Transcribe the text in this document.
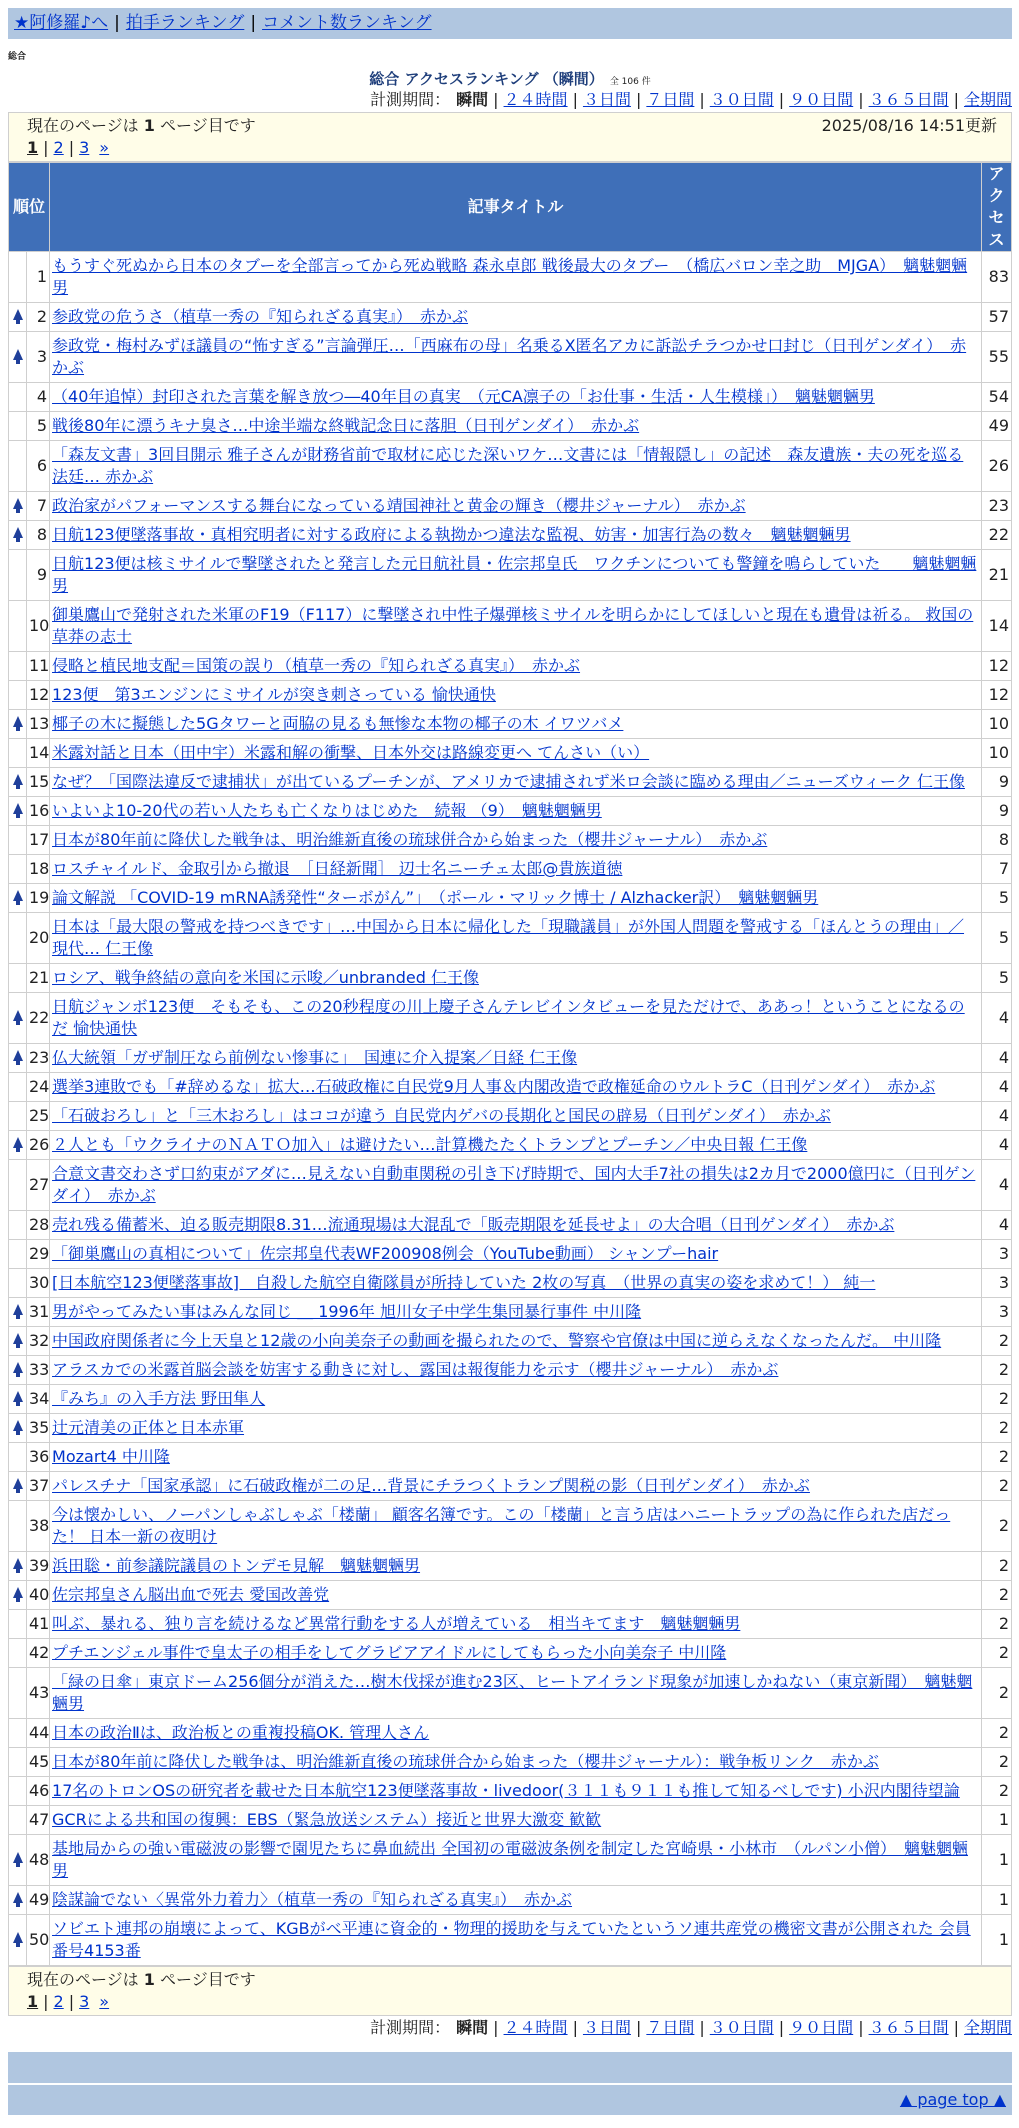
★阿修羅♪へ | 拍手ランキング | コメント数ランキング
総合
総合 アクセスランキング （瞬間） 全 106 件
計測期間： 瞬間 | ２４時間 | ３日間 | ７日間 | ３０日間 | ９０日間 | ３６５日間 | 全期間
現在のページは 1 ページ目です	2025/08/16 14:51更新
1 | 2 | 3 »
順位		記事タイトル	アクセス
	1	もうすぐ死ぬから日本のタブーを全部言ってから死ぬ戦略 森永卓郎 戦後最大のタブー　（橋広バロン幸之助　MJGA）　魑魅魍魎男	83
	2	参政党の危うさ（植草一秀の『知られざる真実』）　赤かぶ	57
	3	参政党・梅村みずほ議員の“怖すぎる”言論弾圧…「西麻布の母」名乗るX匿名アカに訴訟チラつかせ口封じ（日刊ゲンダイ）　赤かぶ	55
	4	（40年追悼）封印された言葉を解き放つ―40年目の真実　（元CA凛子の「お仕事・生活・人生模様」）　魑魅魍魎男	54
	5	戦後80年に漂うキナ臭さ…中途半端な終戦記念日に落胆（日刊ゲンダイ）　赤かぶ	49
	6	「森友文書」3回目開示 雅子さんが財務省前で取材に応じた深いワケ…文書には「情報隠し」の記述　森友遺族・夫の死を巡る法廷… 赤かぶ	26
	7	政治家がパフォーマンスする舞台になっている靖国神社と黄金の輝き（櫻井ジャーナル）　赤かぶ	23
	8	日航123便墜落事故・真相究明者に対する政府による執拗かつ違法な監視、妨害・加害行為の数々　魑魅魍魎男	22
	9	日航123便は核ミサイルで撃墜されたと発言した元日航社員・佐宗邦皇氏　ワクチンについても警鐘を鳴らしていた　　魑魅魍魎男	21
	10	御巣鷹山で発射された米軍のF19（F117）に撃墜され中性子爆弾核ミサイルを明らかにしてほしいと現在も遺骨は祈る。 救国の草莽の志士	14
	11	侵略と植民地支配＝国策の誤り（植草一秀の『知られざる真実』）　赤かぶ	12
	12	123便　第3エンジンにミサイルが突き刺さっている 愉快通快	12
	13	椰子の木に擬態した5Gタワーと両脇の見るも無惨な本物の椰子の木 イワツバメ	10
	14	米露対話と日本（田中宇）米露和解の衝撃、日本外交は路線変更へ てんさい（い）	10
	15	なぜ？「国際法違反で逮捕状」が出ているプーチンが、アメリカで逮捕されず米ロ会談に臨める理由／ニューズウィーク 仁王像	9
	16	いよいよ10-20代の若い人たちも亡くなりはじめた　続報 （9）　魑魅魍魎男	9
	17	日本が80年前に降伏した戦争は、明治維新直後の琉球併合から始まった（櫻井ジャーナル）　赤かぶ	8
	18	ロスチャイルド、金取引から撤退　［日経新聞］ 辺士名ニーチェ太郎@貴族道徳	7
	19	論文解説 「COVID-19 mRNA誘発性“ターボがん”」　（ポール・マリック博士 / Alzhacker訳）　魑魅魍魎男	5
	20	日本は「最大限の警戒を持つべきです」…中国から日本に帰化した「現職議員」が外国人問題を警戒する「ほんとうの理由」／現代… 仁王像	5
	21	ロシア、戦争終結の意向を米国に示唆／unbranded 仁王像	5
	22	日航ジャンボ123便　そもそも、この20秒程度の川上慶子さんテレビインタビューを見ただけで、ああっ！ということになるのだ 愉快通快	4
	23	仏大統領「ガザ制圧なら前例ない惨事に」　国連に介入提案／日経 仁王像	4
	24	選挙3連敗でも「#辞めるな」拡大…石破政権に自民党9月人事＆内閣改造で政権延命のウルトラC（日刊ゲンダイ）　赤かぶ	4
	25	「石破おろし」と「三木おろし」はココが違う 自民党内ゲバの長期化と国民の辟易（日刊ゲンダイ）　赤かぶ	4
	26	２人とも「ウクライナのＮＡＴＯ加入」は避けたい…計算機たたくトランプとプーチン／中央日報 仁王像	4
	27	合意文書交わさず口約束がアダに…見えない自動車関税の引き下げ時期で、国内大手7社の損失は2カ月で2000億円に（日刊ゲンダイ）　赤かぶ	4
	28	売れ残る備蓄米、迫る販売期限8.31…流通現場は大混乱で「販売期限を延長せよ」の大合唱（日刊ゲンダイ）　赤かぶ	4
	29	「御巣鷹山の真相について」佐宗邦皇代表WF200908例会（YouTube動画） シャンプーhair	3
	30	[日本航空123便墜落事故]　自殺した航空自衛隊員が所持していた 2枚の写真　（世界の真実の姿を求めて！） 純一	3
	31	男がやってみたい事はみんな同じ ＿ 1996年 旭川女子中学生集団暴行事件 中川隆	3
	32	中国政府関係者に今上天皇と12歳の小向美奈子の動画を撮られたので、警察や官僚は中国に逆らえなくなったんだ。 中川隆	2
	33	アラスカでの米露首脳会談を妨害する動きに対し、露国は報復能力を示す（櫻井ジャーナル）　赤かぶ	2
	34	『みち』の入手方法 野田隼人	2
	35	辻元清美の正体と日本赤軍	2
	36	Mozart4 中川隆	2
	37	パレスチナ「国家承認」に石破政権が二の足…背景にチラつくトランプ関税の影（日刊ゲンダイ）　赤かぶ	2
	38	今は懐かしい、ノーパンしゃぶしゃぶ「楼蘭」 顧客名簿です。この「楼蘭」と言う店はハニートラップの為に作られた店だった！ 日本一新の夜明け	2
	39	浜田聡・前参議院議員のトンデモ見解　魑魅魍魎男	2
	40	佐宗邦皇さん脳出血で死去 愛国改善党	2
	41	叫ぶ、暴れる、独り言を続けるなど異常行動をする人が増えている　相当キてます　魑魅魍魎男	2
	42	プチエンジェル事件で皇太子の相手をしてグラビアアイドルにしてもらった小向美奈子 中川隆	2
	43	「緑の日傘」東京ドーム256個分が消えた…樹木伐採が進む23区、ヒートアイランド現象が加速しかねない（東京新聞）　魑魅魍魎男	2
	44	日本の政治Ⅱは、政治板との重複投稿OK. 管理人さん	2
	45	日本が80年前に降伏した戦争は、明治維新直後の琉球併合から始まった（櫻井ジャーナル）：戦争板リンク　赤かぶ	2
	46	17名のトロンOSの研究者を載せた日本航空123便墜落事故・livedoor(３１１も９１１も推して知るべしです) 小沢内閣待望論	2
	47	GCRによる共和国の復興：EBS（緊急放送システム）接近と世界大激変 歓歓	1
	48	基地局からの強い電磁波の影響で園児たちに鼻血続出 全国初の電磁波条例を制定した宮崎県・小林市　（ルパン小僧）　魑魅魍魎男	1
	49	陰謀論でない〈異常外力着力〉（植草一秀の『知られざる真実』）　赤かぶ	1
	50	ソビエト連邦の崩壊によって、KGBがベ平連に資金的・物理的援助を与えていたというソ連共産党の機密文書が公開された 会員番号4153番	1
現在のページは 1 ページ目です
1 | 2 | 3 »
計測期間： 瞬間 | ２４時間 | ３日間 | ７日間 | ３０日間 | ９０日間 | ３６５日間 | 全期間
▲ page top ▲
